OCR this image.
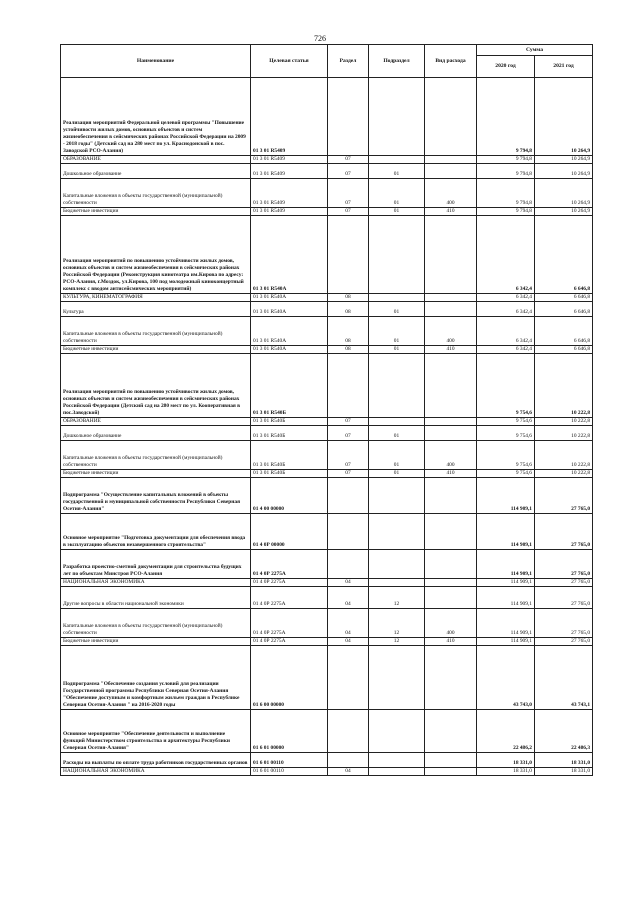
726
Наименование	Целевая статья	Раздел	Подраздел	Вид расхода	Сумма	
					2020 год	2021 год
Реализация мероприятий Федеральной целевой программы "Повышение устойчивости жилых домов, основных объектов и систем жизнеобеспечения в сейсмических районах Российской Федерации на 2009 - 2018 годы" (Детский сад на 280 мест по ул. Краснодонской в пос. Заводской РСО-Алания)	01 3 01 R5409				9 794,8	10 264,9
ОБРАЗОВАНИЕ	01 3 01 R5409	07			9 794,8	10 264,9
Дошкольное образование	01 3 01 R5409	07	01		9 794,8	10 264,9
Капитальные вложения в объекты государственной (муниципальной) собственности	01 3 01 R5409	07	01	400	9 794,8	10 264,9
Бюджетные инвестиции	01 3 01 R5409	07	01	410	9 794,8	10 264,9
Реализация мероприятий по повышению устойчивости жилых домов, основных объектов и систем жизнеобеспечения в сейсмических районах Российской Федерации (Реконструкция кинотеатра им.Кирова по адресу: РСО-Алания, г.Моздок, ул.Кирова, 100 под молодежный киноконцертный комплекс с вводом антисейсмических мероприятий)	01 3 01 R540А				6 342,4	6 646,8
КУЛЬТУРА, КИНЕМАТОГРАФИЯ	01 3 01 R540А	08			6 342,4	6 646,8
Культура	01 3 01 R540А	08	01		6 342,4	6 646,8
Капитальные вложения в объекты государственной (муниципальной) собственности	01 3 01 R540А	08	01	400	6 342,4	6 646,8
Бюджетные инвестиции	01 3 01 R540А	08	01	410	6 342,4	6 646,8
Реализация мероприятий по повышению устойчивости жилых домов, основных объектов и систем жизнеобеспечения в сейсмических районах Российской Федерации (Детский сад на 280 мест по ул. Кооперативная в пос.Заводской)	01 3 01 R540Б				9 754,6	10 222,8
ОБРАЗОВАНИЕ	01 3 01 R540Б	07			9 754,6	10 222,8
Дошкольное образование	01 3 01 R540Б	07	01		9 754,6	10 222,8
Капитальные вложения в объекты государственной (муниципальной) собственности	01 3 01 R540Б	07	01	400	9 754,6	10 222,8
Бюджетные инвестиции	01 3 01 R540Б	07	01	410	9 754,6	10 222,8
Подпрограмма "Осуществление капитальных вложений в объекты государственной и муниципальной собственности Республики Северная Осетия-Алания"	01 4 00 00000				114 909,1	27 765,0
Основное мероприятие "Подготовка документации для обеспечения ввода в эксплуатацию объектов незавершенного строительства"	01 4 0Р 00000				114 909,1	27 765,0
Разработка проектно-сметной документации для строительства будущих лет по объектам Минстроя РСО-Алания	01 4 0Р 2275А				114 909,1	27 765,0
НАЦИОНАЛЬНАЯ ЭКОНОМИКА	01 4 0Р 2275А	04			114 909,1	27 765,0
Другие вопросы в области национальной экономики	01 4 0Р 2275А	04	12		114 909,1	27 765,0
Капитальные вложения в объекты государственной (муниципальной) собственности	01 4 0Р 2275А	04	12	400	114 909,1	27 765,0
Бюджетные инвестиции	01 4 0Р 2275А	04	12	410	114 909,1	27 765,0
Подпрограмма "Обеспечение создания условий для реализации Государственной программы Республики Северная Осетия-Алания "Обеспечение доступным и комфортным жильем граждан в Республике Северная Осетия-Алания " на 2016-2020 годы	01 6 00 00000				43 743,0	43 743,1
Основное мероприятие "Обеспечение деятельности и выполнение функций Министерством строительства и архитектуры Республики Северная Осетия-Алания"	01 6 01 00000				22 486,2	22 486,3
Расходы на выплаты по оплате труда работников государственных органов	01 6 01 00110				18 331,0	18 331,0
НАЦИОНАЛЬНАЯ ЭКОНОМИКА	01 6 01 00110	04			18 331,0	18 331,0
